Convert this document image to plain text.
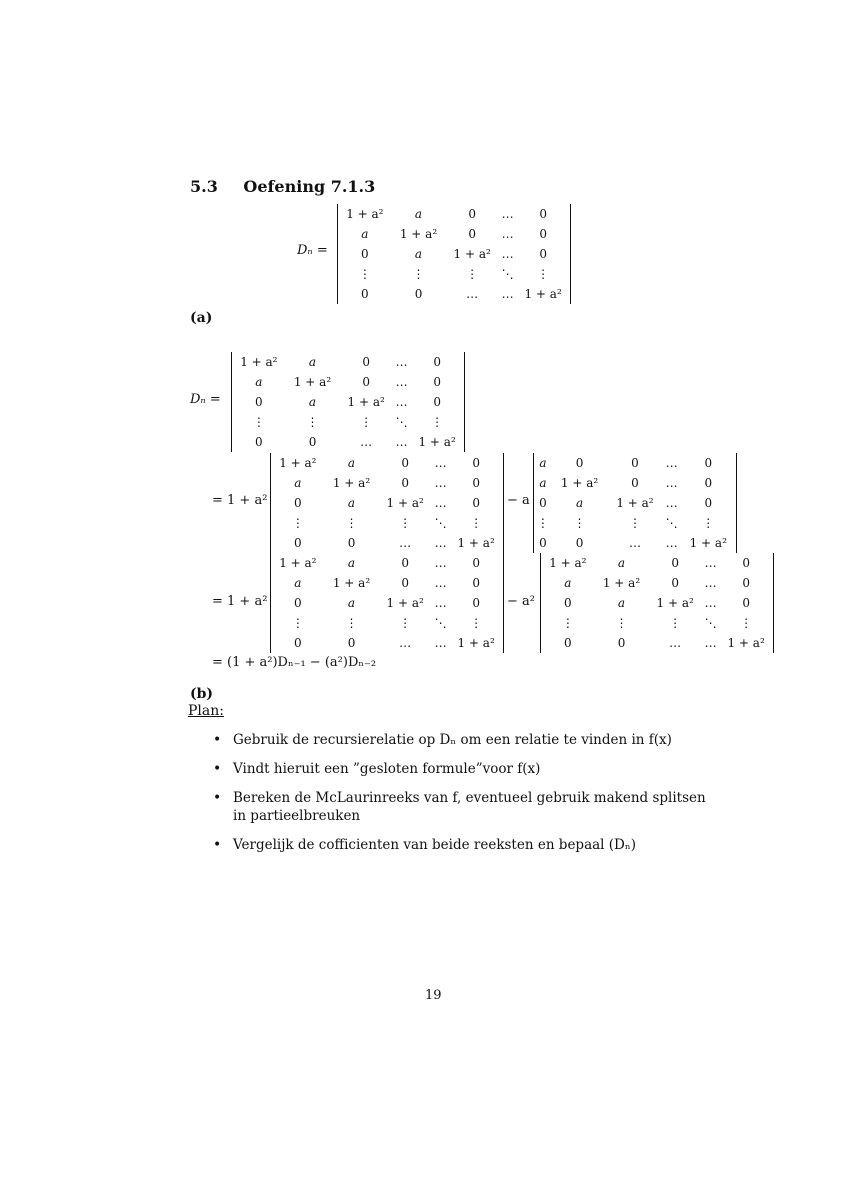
5.3 Oefening 7.1.3
Dₙ =
1 + a²	a	0	…	0
a	1 + a²	0	…	0
0	a	1 + a²	…	0
⋮	⋮	⋮	⋱	⋮
0	0	…	…	1 + a²
(a)
Dₙ =
1 + a²	a	0	…	0
a	1 + a²	0	…	0
0	a	1 + a²	…	0
⋮	⋮	⋮	⋱	⋮
0	0	…	…	1 + a²
= 1 + a²
1 + a²	a	0	…	0
a	1 + a²	0	…	0
0	a	1 + a²	…	0
⋮	⋮	⋮	⋱	⋮
0	0	…	…	1 + a²
− a
a	0	0	…	0
a	1 + a²	0	…	0
0	a	1 + a²	…	0
⋮	⋮	⋮	⋱	⋮
0	0	…	…	1 + a²
= 1 + a²
1 + a²	a	0	…	0
a	1 + a²	0	…	0
0	a	1 + a²	…	0
⋮	⋮	⋮	⋱	⋮
0	0	…	…	1 + a²
− a²
1 + a²	a	0	…	0
a	1 + a²	0	…	0
0	a	1 + a²	…	0
⋮	⋮	⋮	⋱	⋮
0	0	…	…	1 + a²
= (1 + a²)Dₙ₋₁ − (a²)Dₙ₋₂
(b)
Plan:
• Gebruik de recursierelatie op Dₙ om een relatie te vinden in f(x)
• Vindt hieruit een ”gesloten formule”voor f(x)
• Bereken de McLaurinreeks van f, eventueel gebruik makend splitsen in partieelbreuken
• Vergelijk de cofficienten van beide reeksten en bepaal (Dₙ)
19
